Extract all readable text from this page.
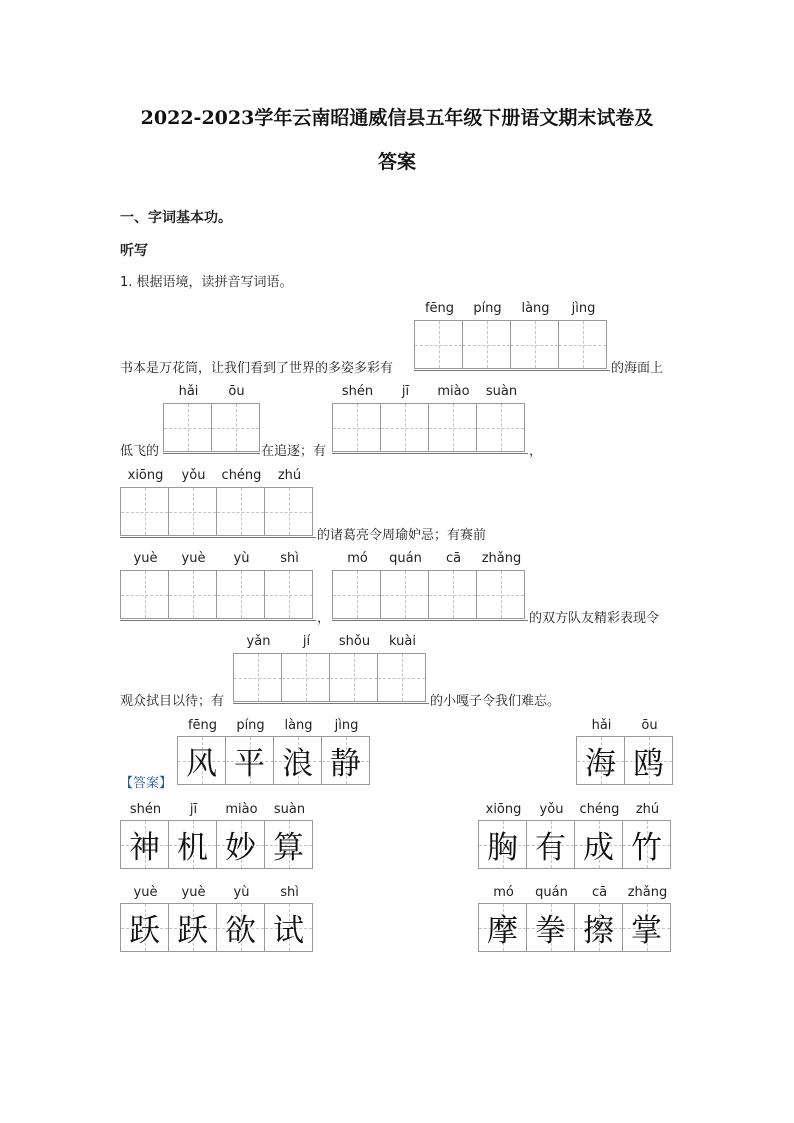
2022-2023学年云南昭通威信县五年级下册语文期末试卷及
答案
一、字词基本功。
听写
1. 根据语境，读拼音写词语。
书本是万花筒，让我们看到了世界的多姿多彩有
fēng	píng	làng	jìng
的海面上
低飞的
hǎi	ōu
在追逐；有
shén	jī	miào	suàn
，
xiōng	yǒu	chéng	zhú
的诸葛亮令周瑜妒忌；有赛前
yuè	yuè	yù	shì
，
mó	quán	cā	zhǎng
的双方队友精彩表现令
观众拭目以待；有
yǎn	jí	shǒu	kuài
的小嘎子令我们难忘。
【答案】
fēng
风
píng
平
làng
浪
jìng
静
hǎi
海
ōu
鸥
shén
神
jī
机
miào
妙
suàn
算
xiōng
胸
yǒu
有
chéng
成
zhú
竹
yuè
跃
yuè
跃
yù
欲
shì
试
mó
摩
quán
拳
cā
擦
zhǎng
掌
